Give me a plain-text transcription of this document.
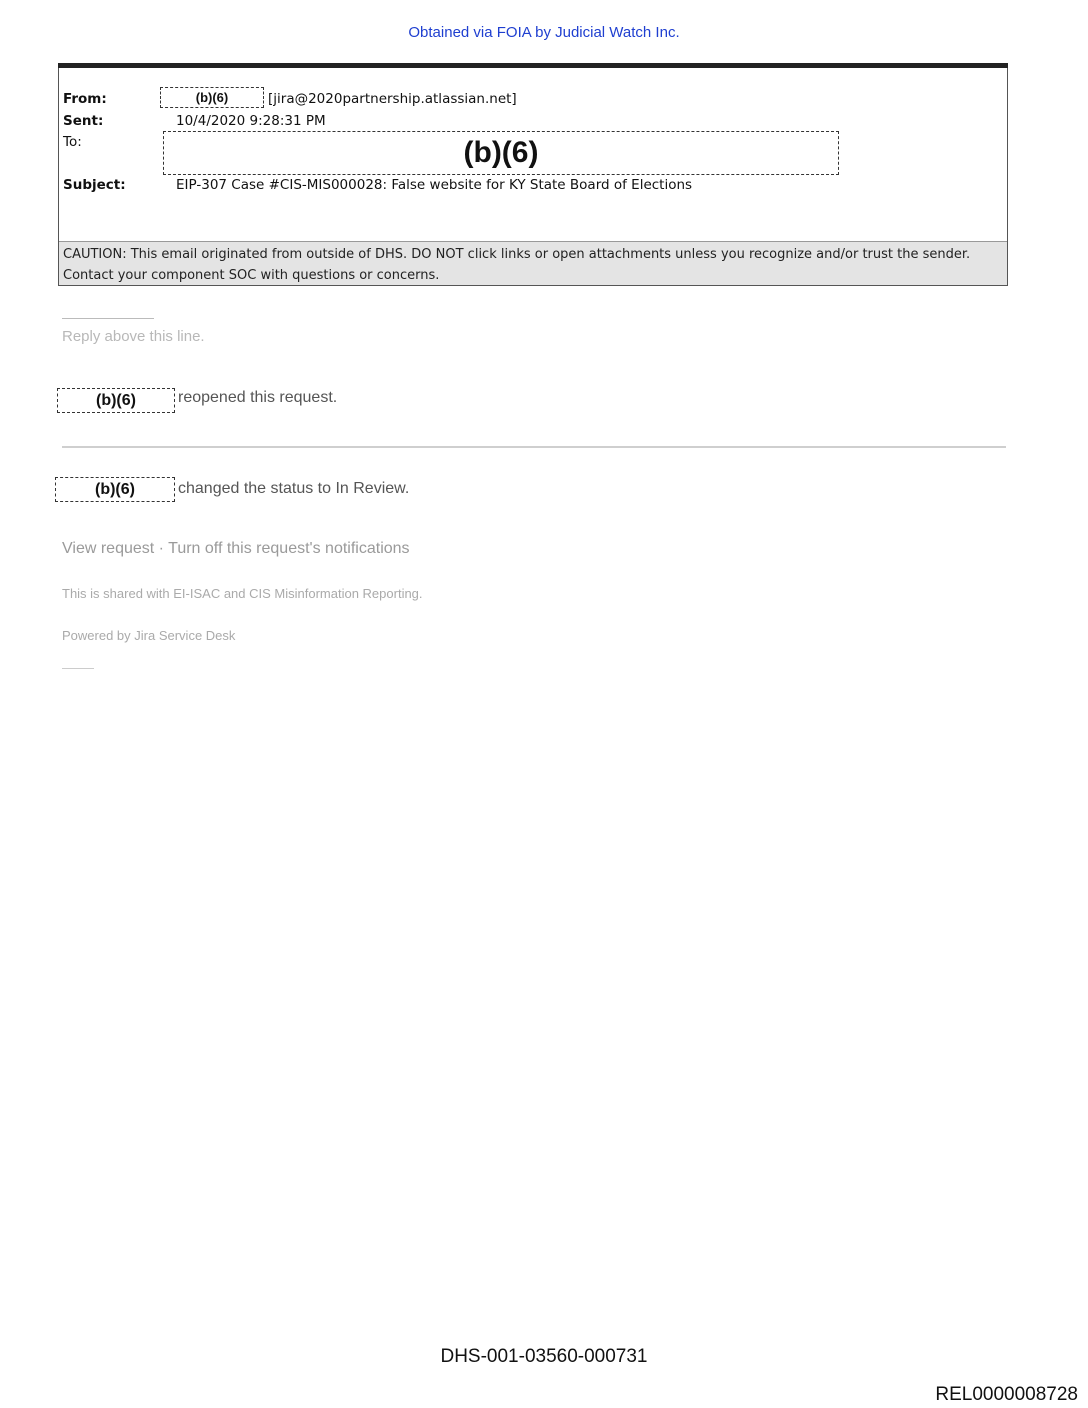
Obtained via FOIA by Judicial Watch Inc.
From:	(b)(6)	[jira@2020partnership.atlassian.net]
Sent:	10/4/2020 9:28:31 PM
To:	(b)(6)
Subject:	EIP-307 Case #CIS-MIS000028: False website for KY State Board of Elections
CAUTION: This email originated from outside of DHS. DO NOT click links or open attachments unless you recognize and/or trust the sender. Contact your component SOC with questions or concerns.
Reply above this line.
(b)(6)	reopened this request.
(b)(6)	changed the status to In Review.
View request · Turn off this request's notifications
This is shared with EI-ISAC and CIS Misinformation Reporting.
Powered by Jira Service Desk
DHS-001-03560-000731
REL0000008728
